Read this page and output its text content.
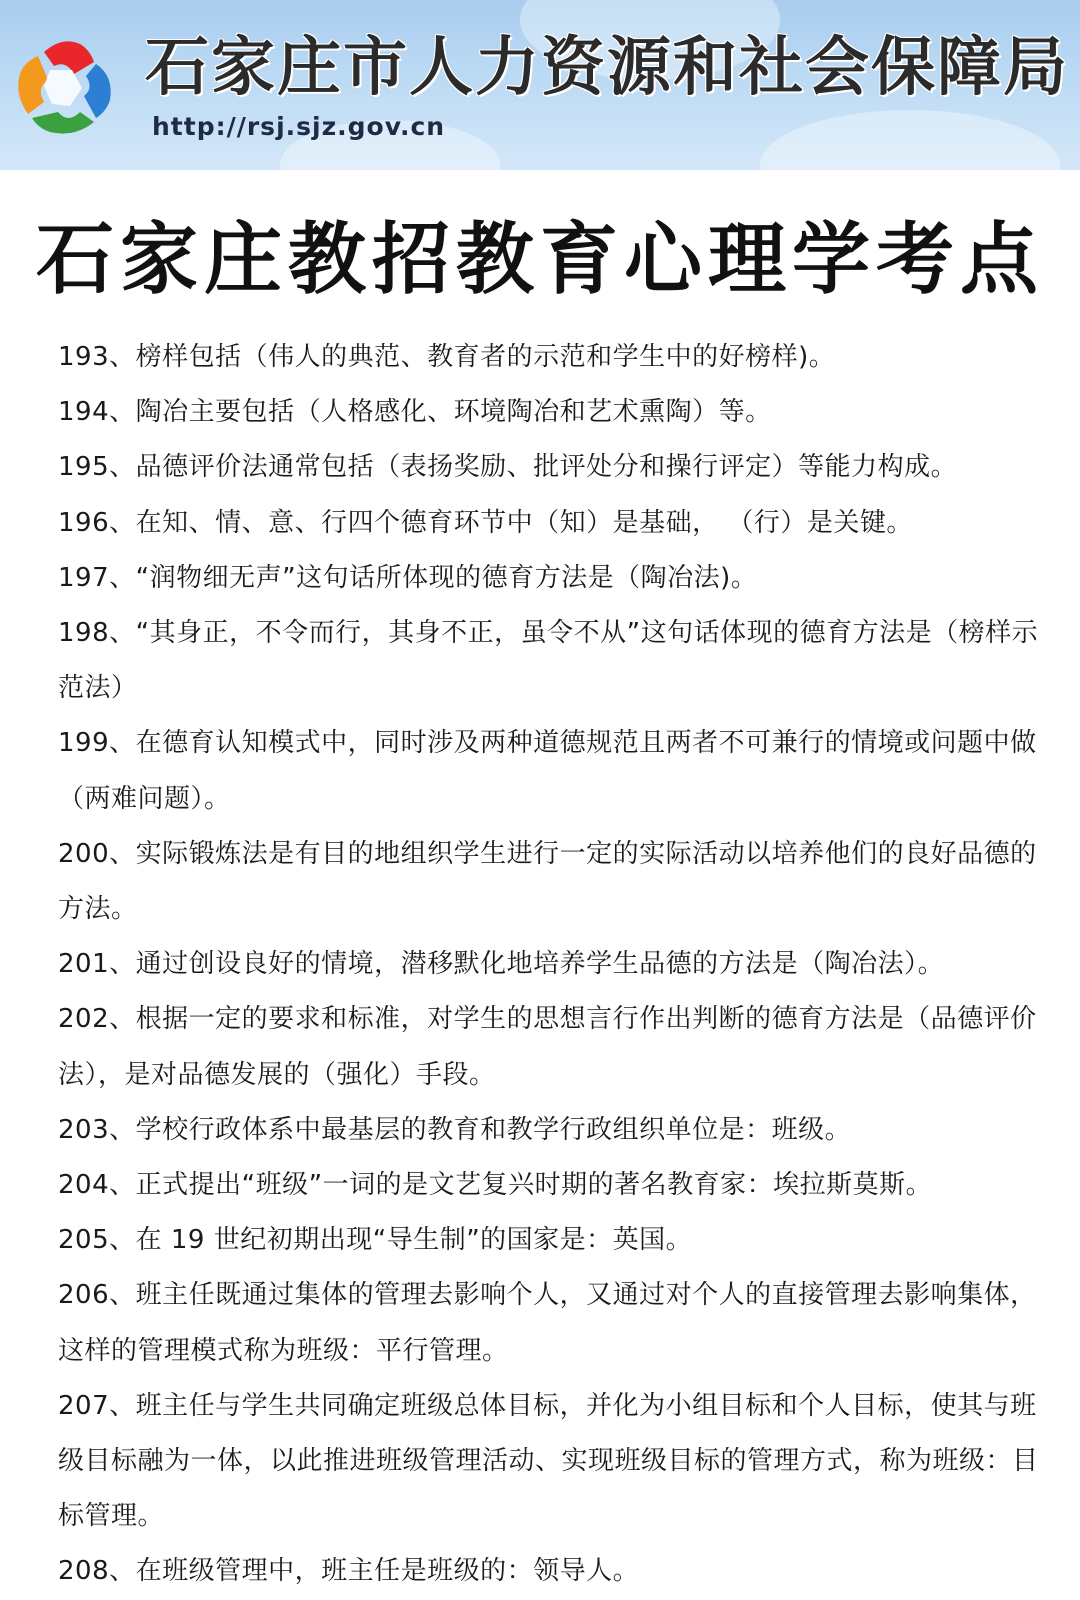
石家庄市人力资源和社会保障局
http://rsj.sjz.gov.cn
石家庄教招教育心理学考点
193、榜样包括（伟人的典范、教育者的示范和学生中的好榜样)。
194、陶冶主要包括（人格感化、环境陶冶和艺术熏陶）等。
195、品德评价法通常包括（表扬奖励、批评处分和操行评定）等能力构成。
196、在知、情、意、行四个德育环节中（知）是基础， （行）是关键。
197、“润物细无声”这句话所体现的德育方法是（陶冶法)。
198、“其身正，不令而行，其身不正，虽令不从”这句话体现的德育方法是（榜样示范法）
199、在德育认知模式中，同时涉及两种道德规范且两者不可兼行的情境或问题中做（两难问题）。
200、实际锻炼法是有目的地组织学生进行一定的实际活动以培养他们的良好品德的方法。
201、通过创设良好的情境，潜移默化地培养学生品德的方法是（陶冶法）。
202、根据一定的要求和标准，对学生的思想言行作出判断的德育方法是（品德评价法），是对品德发展的（强化）手段。
203、学校行政体系中最基层的教育和教学行政组织单位是：班级。
204、正式提出“班级”一词的是文艺复兴时期的著名教育家：埃拉斯莫斯。
205、在 19 世纪初期出现“导生制”的国家是：英国。
206、班主任既通过集体的管理去影响个人，又通过对个人的直接管理去影响集体， 这样的管理模式称为班级：平行管理。
207、班主任与学生共同确定班级总体目标，并化为小组目标和个人目标，使其与班级目标融为一体，以此推进班级管理活动、实现班级目标的管理方式，称为班级：目标管理。
208、在班级管理中，班主任是班级的：领导人。
